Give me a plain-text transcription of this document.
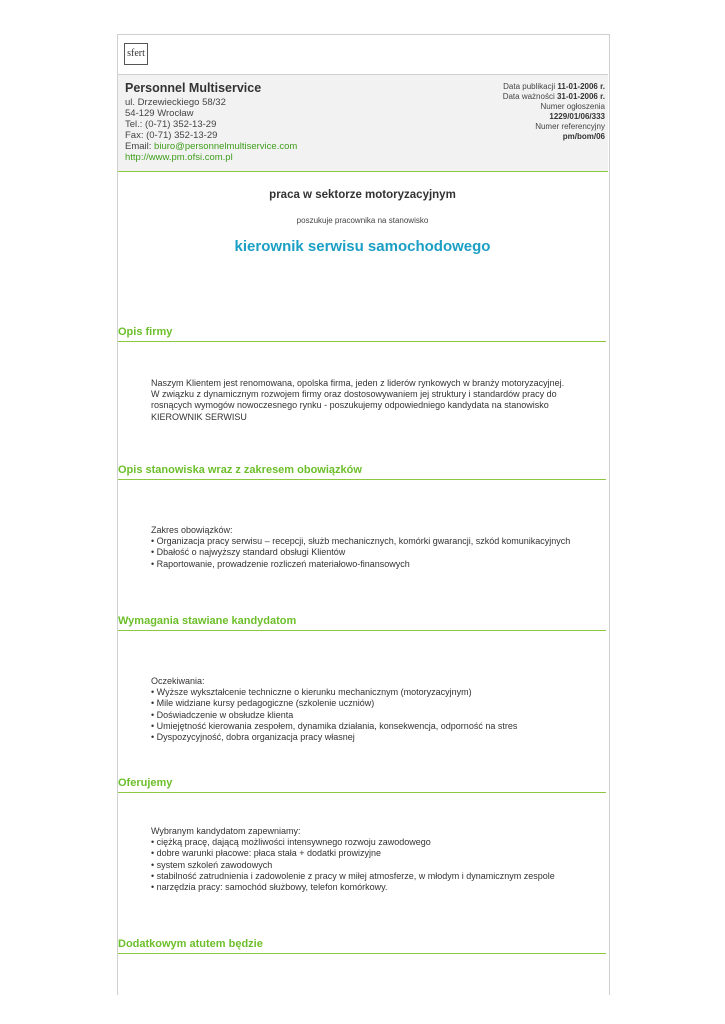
sfert
Personnel Multiservice
ul. Drzewieckiego 58/32
54-129 Wrocław
Tel.: (0-71) 352-13-29
Fax: (0-71) 352-13-29
Email: biuro@personnelmultiservice.com
http://www.pm.ofsi.com.pl
Data publikacji 11-01-2006 r.
Data ważności 31-01-2006 r.
Numer ogłoszenia
1229/01/06/333
Numer referencyjny
pm/bom/06
praca w sektorze motoryzacyjnym
poszukuje pracownika na stanowisko
kierownik serwisu samochodowego
Opis firmy
Naszym Klientem jest renomowana, opolska firma, jeden z liderów rynkowych w branży motoryzacyjnej.
W związku z dynamicznym rozwojem firmy oraz dostosowywaniem jej struktury i standardów pracy do
rosnących wymogów nowoczesnego rynku - poszukujemy odpowiedniego kandydata na stanowisko
KIEROWNIK SERWISU
Opis stanowiska wraz z zakresem obowiązków
Zakres obowiązków:
• Organizacja pracy serwisu – recepcji, służb mechanicznych, komórki gwarancji, szkód komunikacyjnych
• Dbałość o najwyższy standard obsługi Klientów
• Raportowanie, prowadzenie rozliczeń materiałowo-finansowych
Wymagania stawiane kandydatom
Oczekiwania:
• Wyższe wykształcenie techniczne o kierunku mechanicznym (motoryzacyjnym)
• Mile widziane kursy pedagogiczne (szkolenie uczniów)
• Doświadczenie w obsłudze klienta
• Umiejętność kierowania zespołem, dynamika działania, konsekwencja, odporność na stres
• Dyspozycyjność, dobra organizacja pracy własnej
Oferujemy
Wybranym kandydatom zapewniamy:
• ciężką pracę, dającą możliwości intensywnego rozwoju zawodowego
• dobre warunki płacowe: płaca stała + dodatki prowizyjne
• system szkoleń zawodowych
• stabilność zatrudnienia i zadowolenie z pracy w miłej atmosferze, w młodym i dynamicznym zespole
• narzędzia pracy: samochód służbowy, telefon komórkowy.
Dodatkowym atutem będzie
